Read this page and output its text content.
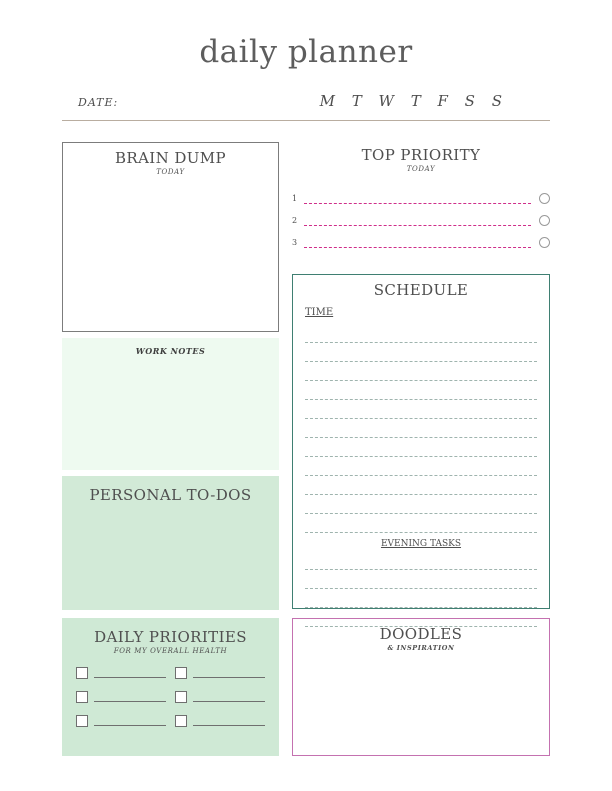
daily planner
DATE:	M T W T F S S
BRAIN DUMP
TODAY
WORK NOTES
PERSONAL TO-DOS
DAILY PRIORITIES
FOR MY OVERALL HEALTH
TOP PRIORITY
TODAY
1
2
3
SCHEDULE
TIME
EVENING TASKS
DOODLES
& INSPIRATION
